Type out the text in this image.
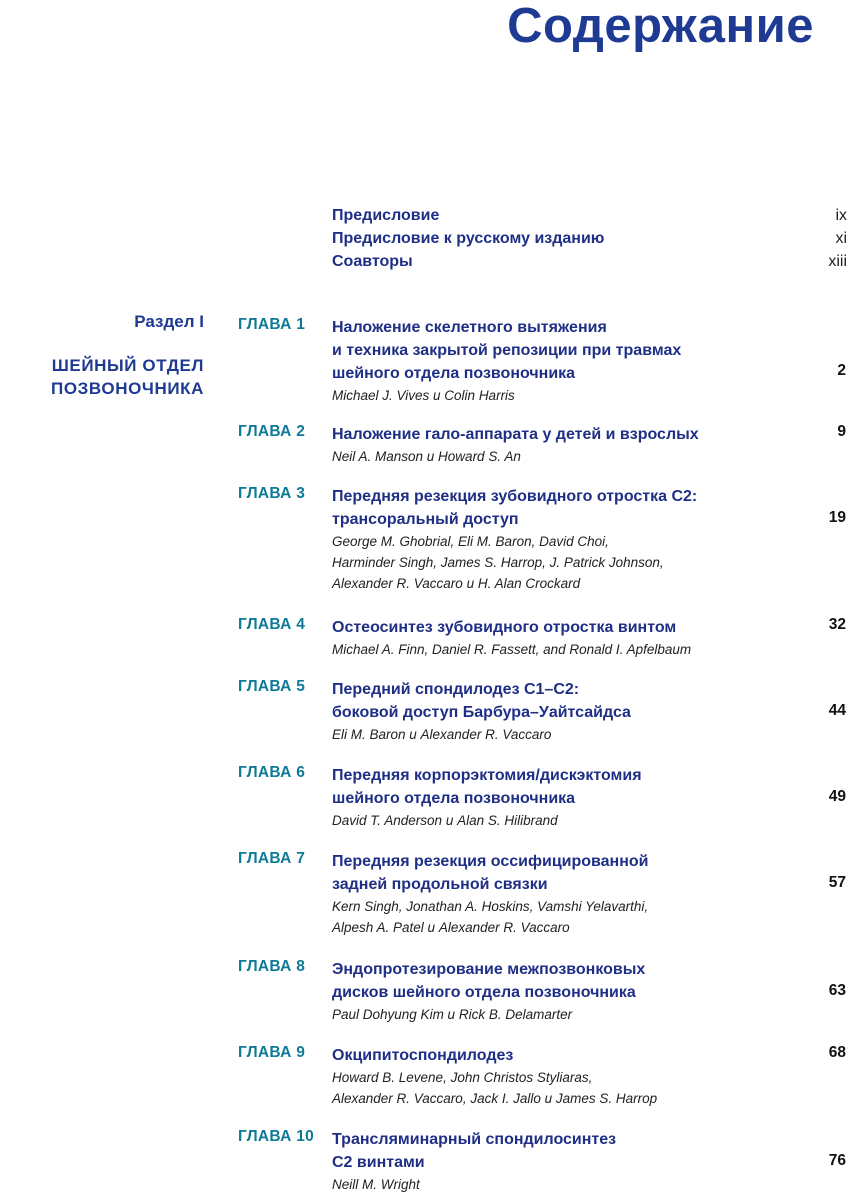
Содержание
Предисловие	ix
Предисловие к русскому изданию	xi
Соавторы	xiii
Раздел I
ШЕЙНЫЙ ОТДЕЛ
ПОЗВОНОЧНИКА
ГЛАВА 1 Наложение скелетного вытяжения
и техника закрытой репозиции при травмах
шейного отдела позвоночника
Michael J. Vives и Colin Harris
2
ГЛАВА 2 Наложение гало-аппарата у детей и взрослых
Neil A. Manson и Howard S. An
9
ГЛАВА 3 Передняя резекция зубовидного отростка C2:
трансоральный доступ
George M. Ghobrial, Eli M. Baron, David Choi,
Harminder Singh, James S. Harrop, J. Patrick Johnson,
Alexander R. Vaccaro и H. Alan Crockard
19
ГЛАВА 4 Остеосинтез зубовидного отростка винтом
Michael A. Finn, Daniel R. Fassett, and Ronald I. Apfelbaum
32
ГЛАВА 5 Передний спондилодез C1–C2:
боковой доступ Барбура–Уайтсайдса
Eli M. Baron и Alexander R. Vaccaro
44
ГЛАВА 6 Передняя корпорэктомия/дискэктомия
шейного отдела позвоночника
David T. Anderson и Alan S. Hilibrand
49
ГЛАВА 7 Передняя резекция оссифицированной
задней продольной связки
Kern Singh, Jonathan A. Hoskins, Vamshi Yelavarthi,
Alpesh A. Patel и Alexander R. Vaccaro
57
ГЛАВА 8 Эндопротезирование межпозвонковых
дисков шейного отдела позвоночника
Paul Dohyung Kim и Rick B. Delamarter
63
ГЛАВА 9 Окципитоспондилодез
Howard B. Levene, John Christos Styliaras,
Alexander R. Vaccaro, Jack I. Jallo и James S. Harrop
68
ГЛАВА 10 Трансляминарный спондилосинтез
C2 винтами
Neill M. Wright
76
